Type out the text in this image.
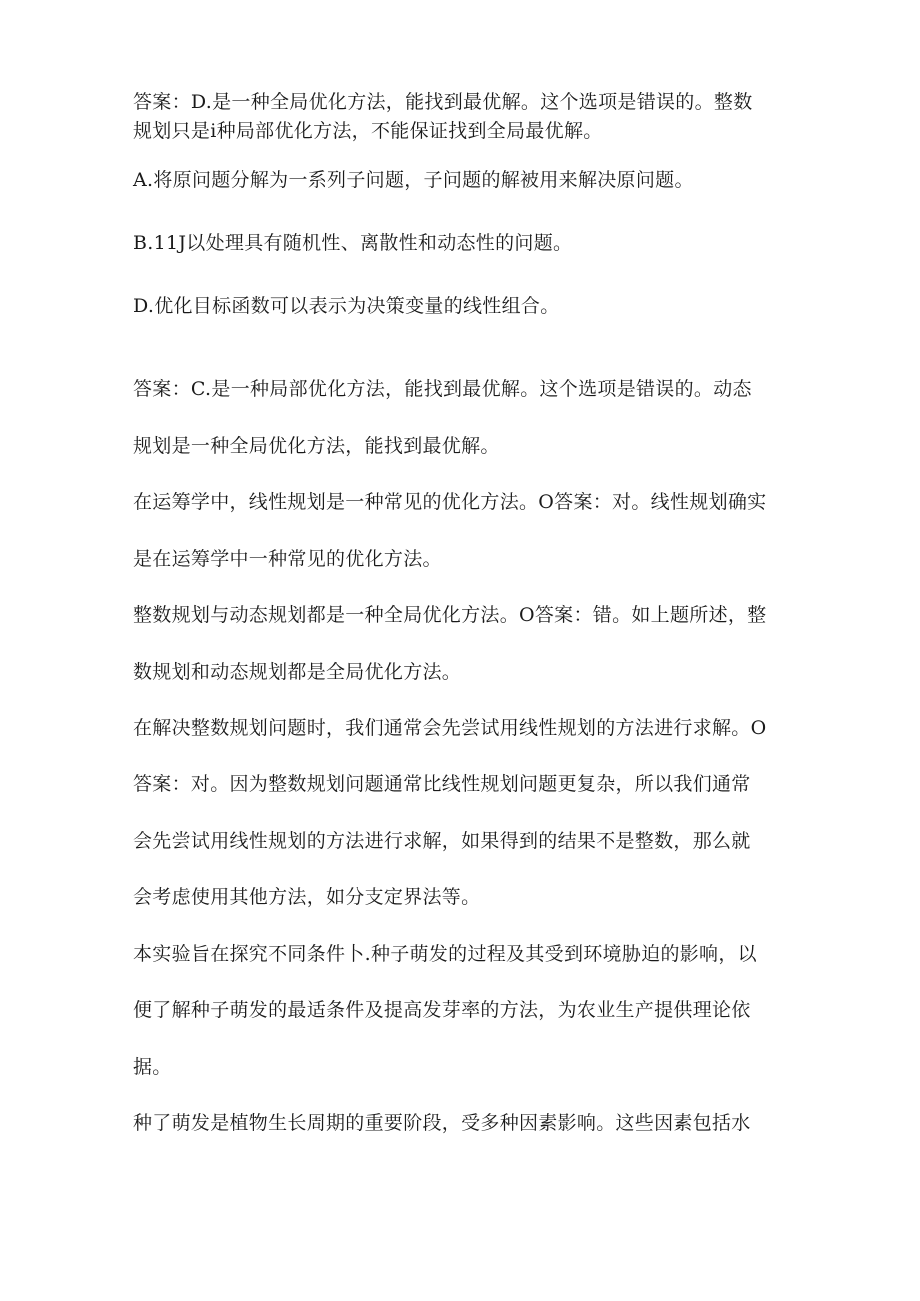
答案：D.是一种全局优化方法，能找到最优解。这个选项是错误的。整数
规划只是i种局部优化方法，不能保证找到全局最优解。
A.将原问题分解为一系列子问题，子问题的解被用来解决原问题。
B.11J以处理具有随机性、离散性和动态性的问题。
D.优化目标函数可以表示为决策变量的线性组合。
答案：C.是一种局部优化方法，能找到最优解。这个选项是错误的。动态
规划是一种全局优化方法，能找到最优解。
在运筹学中，线性规划是一种常见的优化方法。O答案：对。线性规划确实
是在运筹学中一种常见的优化方法。
整数规划与动态规划都是一种全局优化方法。O答案：错。如上题所述，整
数规划和动态规划都是全局优化方法。
在解决整数规划问题时，我们通常会先尝试用线性规划的方法进行求解。O
答案：对。因为整数规划问题通常比线性规划问题更复杂，所以我们通常
会先尝试用线性规划的方法进行求解，如果得到的结果不是整数，那么就
会考虑使用其他方法，如分支定界法等。
本实验旨在探究不同条件卜.种子萌发的过程及其受到环境胁迫的影响，以
便了解种子萌发的最适条件及提高发芽率的方法，为农业生产提供理论依
据。
种了萌发是植物生长周期的重要阶段，受多种因素影响。这些因素包括水
